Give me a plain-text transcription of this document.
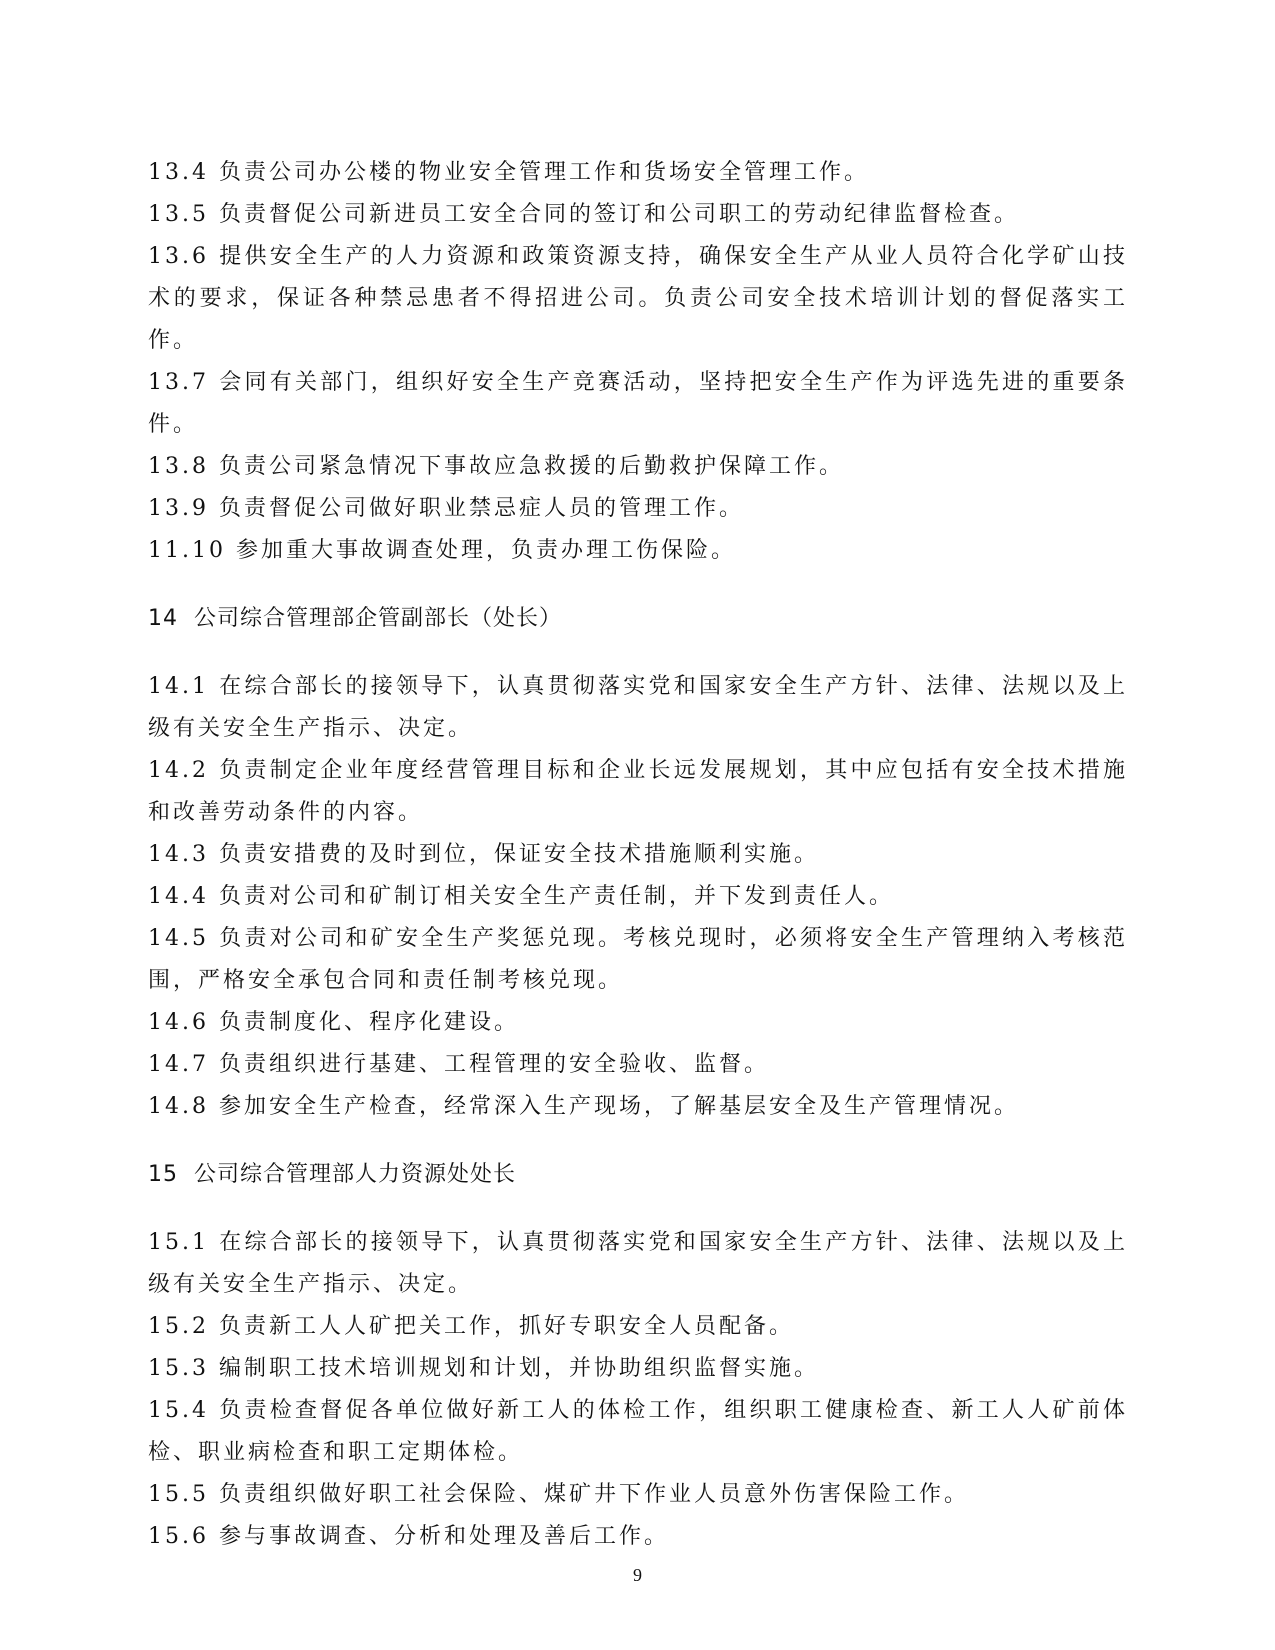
13.4 负责公司办公楼的物业安全管理工作和货场安全管理工作。

13.5 负责督促公司新进员工安全合同的签订和公司职工的劳动纪律监督检查。

13.6 提供安全生产的人力资源和政策资源支持，确保安全生产从业人员符合化学矿山技术的要求，保证各种禁忌患者不得招进公司。负责公司安全技术培训计划的督促落实工作。

13.7 会同有关部门，组织好安全生产竞赛活动，坚持把安全生产作为评选先进的重要条件。

13.8 负责公司紧急情况下事故应急救援的后勤救护保障工作。

13.9 负责督促公司做好职业禁忌症人员的管理工作。

11.10 参加重大事故调查处理，负责办理工伤保险。

14 公司综合管理部企管副部长（处长）

14.1 在综合部长的接领导下，认真贯彻落实党和国家安全生产方针、法律、法规以及上级有关安全生产指示、决定。

14.2 负责制定企业年度经营管理目标和企业长远发展规划，其中应包括有安全技术措施和改善劳动条件的内容。

14.3 负责安措费的及时到位，保证安全技术措施顺利实施。

14.4 负责对公司和矿制订相关安全生产责任制，并下发到责任人。

14.5 负责对公司和矿安全生产奖惩兑现。考核兑现时，必须将安全生产管理纳入考核范围，严格安全承包合同和责任制考核兑现。

14.6 负责制度化、程序化建设。

14.7 负责组织进行基建、工程管理的安全验收、监督。

14.8 参加安全生产检查，经常深入生产现场，了解基层安全及生产管理情况。

15 公司综合管理部人力资源处处长

15.1 在综合部长的接领导下，认真贯彻落实党和国家安全生产方针、法律、法规以及上级有关安全生产指示、决定。

15.2 负责新工人人矿把关工作，抓好专职安全人员配备。

15.3 编制职工技术培训规划和计划，并协助组织监督实施。

15.4 负责检查督促各单位做好新工人的体检工作，组织职工健康检查、新工人人矿前体检、职业病检查和职工定期体检。

15.5 负责组织做好职工社会保险、煤矿井下作业人员意外伤害保险工作。

15.6 参与事故调查、分析和处理及善后工作。

9
